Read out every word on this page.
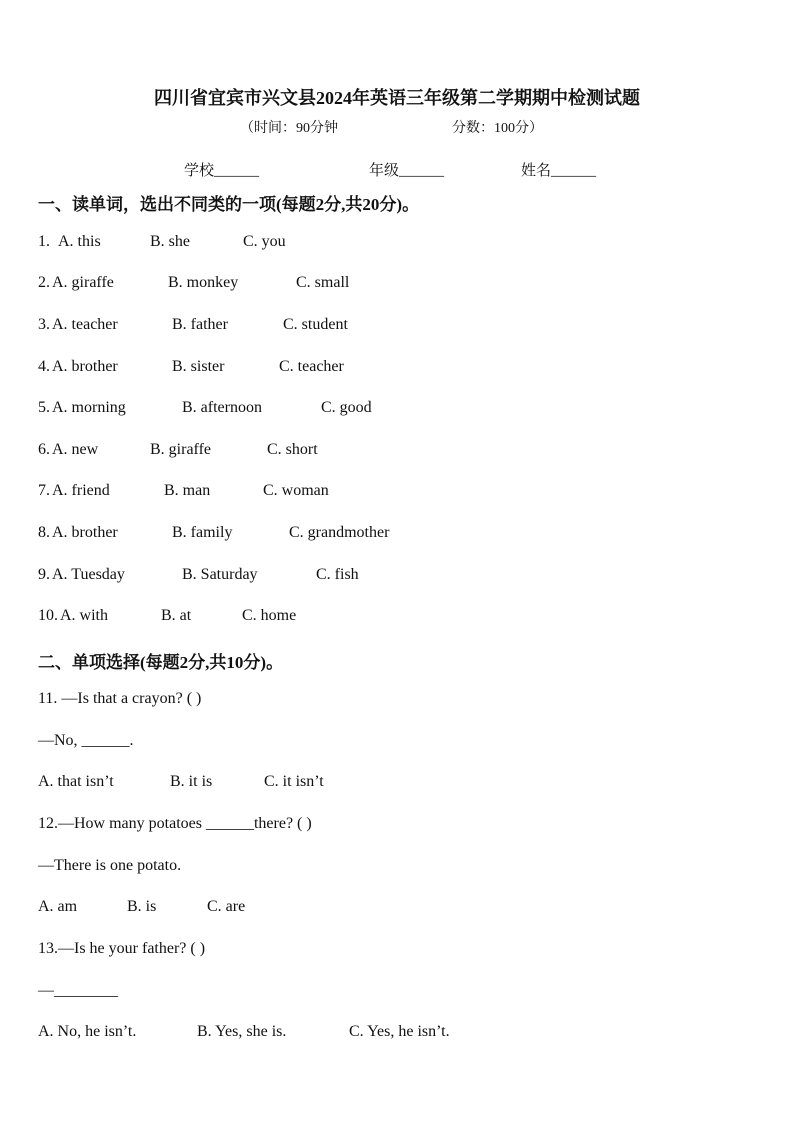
四川省宜宾市兴文县2024年英语三年级第二学期期中检测试题
（时间：90分钟	分数：100分）
学校______	年级______	姓名______
一、读单词，选出不同类的一项(每题2分,共20分)。
1. A. this	B. she	C. you
2. A. giraffe	B. monkey	C. small
3. A. teacher	B. father	C. student
4. A. brother	B. sister	C. teacher
5. A. morning	B. afternoon	C. good
6. A. new	B. giraffe	C. short
7. A. friend	B. man	C. woman
8. A. brother	B. family	C. grandmother
9. A. Tuesday	B. Saturday	C. fish
10. A. with	B. at	C. home
二、单项选择(每题2分,共10分)。
11. —Is that a crayon? ( )
—No, ______.
A. that isn’t	B. it is	C. it isn’t
12.—How many potatoes ______there? ( )
—There is one potato.
A. am	B. is	C. are
13.—Is he your father? ( )
—________
A. No, he isn’t.	B. Yes, she is.	C. Yes, he isn’t.
